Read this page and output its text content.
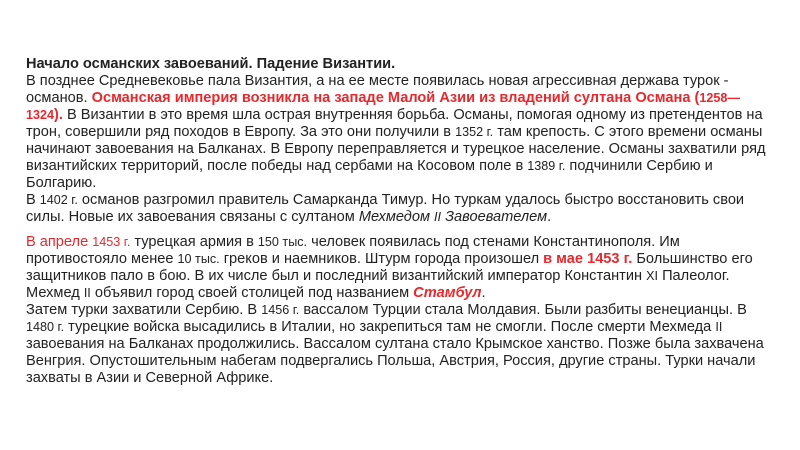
Начало османских завоеваний. Падение Византии.

В позднее Средневековье пала Византия, а на ее месте появилась новая агрессивная держава турок - османов. Османская империя возникла на западе Малой Азии из владений султана Османа (1258— 1324). В Византии в это время шла острая внутренняя борьба. Османы, помогая одному из претендентов на трон, совершили ряд походов в Европу. За это они получили в 1352 г. там крепость. С этого времени османы начинают завоевания на Балканах. В Европу переправляется и турецкое население. Османы захватили ряд византийских территорий, после победы над сербами на Косовом поле в 1389 г. подчинили Сербию и Болгарию.

В 1402 г. османов разгромил правитель Самарканда Тимур. Но туркам удалось быстро восстановить свои силы. Новые их завоевания связаны с султаном Мехмедом II Завоевателем.

В апреле 1453 г. турецкая армия в 150 тыс. человек появилась под стенами Константинополя. Им противостояло менее 10 тыс. греков и наемников. Штурм города произошел в мае 1453 г. Большинство его защитников пало в бою. В их числе был и последний византийский император Константин XI Палеолог. Мехмед II объявил город своей столицей под названием Стамбул.

Затем турки захватили Сербию. В 1456 г. вассалом Турции стала Молдавия. Были разбиты венецианцы. В 1480 г. турецкие войска высадились в Италии, но закрепиться там не смогли. После смерти Мехмеда II завоевания на Балканах продолжились. Вассалом султана стало Крымское ханство. Позже была захвачена Венгрия. Опустошительным набегам подвергались Польша, Австрия, Россия, другие страны. Турки начали захваты в Азии и Северной Африке.
